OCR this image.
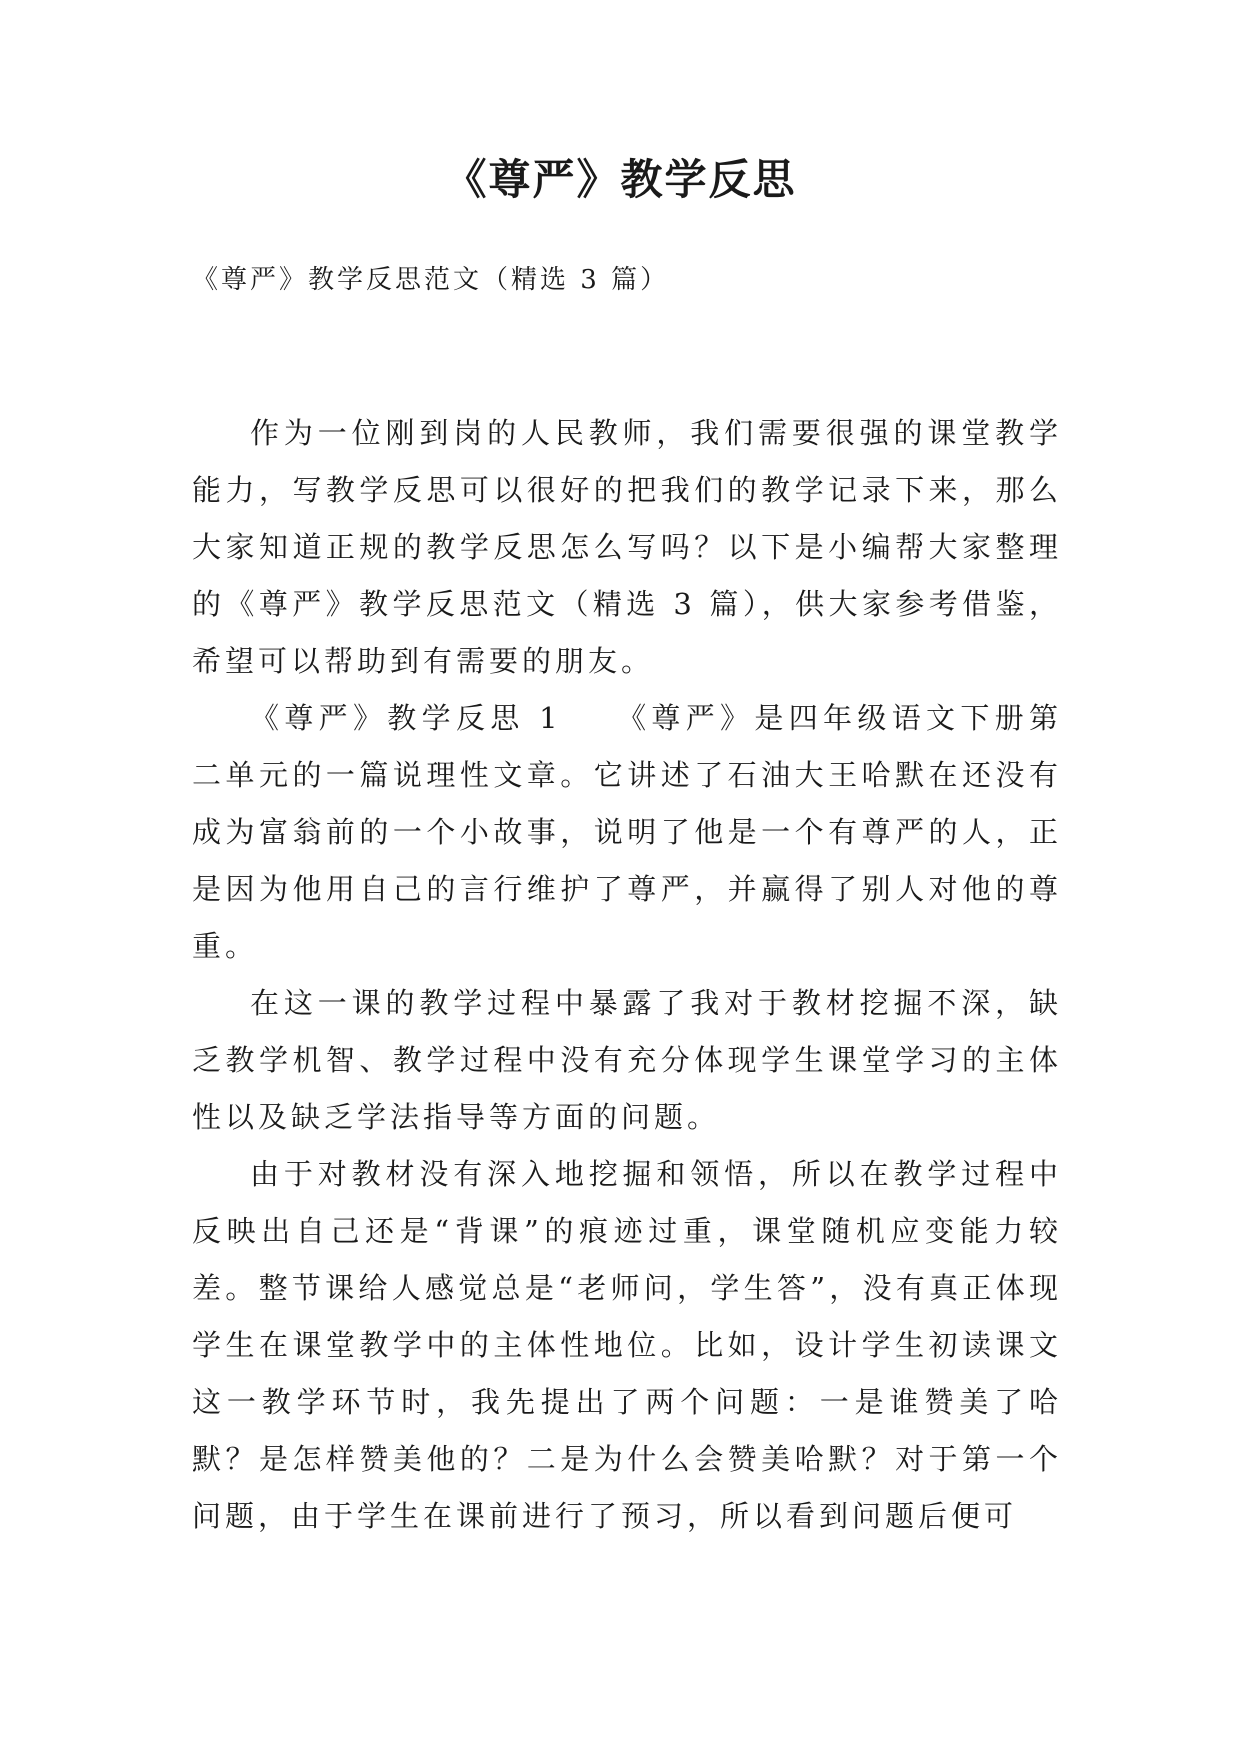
《尊严》教学反思

《尊严》教学反思范文（精选 3 篇）

作为一位刚到岗的人民教师，我们需要很强的课堂教学能力，写教学反思可以很好的把我们的教学记录下来，那么大家知道正规的教学反思怎么写吗？以下是小编帮大家整理的《尊严》教学反思范文（精选 3 篇），供大家参考借鉴，希望可以帮助到有需要的朋友。

《尊严》教学反思 1　　《尊严》是四年级语文下册第二单元的一篇说理性文章。它讲述了石油大王哈默在还没有成为富翁前的一个小故事，说明了他是一个有尊严的人，正是因为他用自己的言行维护了尊严，并赢得了别人对他的尊重。

在这一课的教学过程中暴露了我对于教材挖掘不深，缺乏教学机智、教学过程中没有充分体现学生课堂学习的主体性以及缺乏学法指导等方面的问题。

由于对教材没有深入地挖掘和领悟，所以在教学过程中反映出自己还是“背课”的痕迹过重，课堂随机应变能力较差。整节课给人感觉总是“老师问，学生答”，没有真正体现学生在课堂教学中的主体性地位。比如，设计学生初读课文这一教学环节时，我先提出了两个问题：一是谁赞美了哈默？是怎样赞美他的？二是为什么会赞美哈默？对于第一个问题，由于学生在课前进行了预习，所以看到问题后便可
